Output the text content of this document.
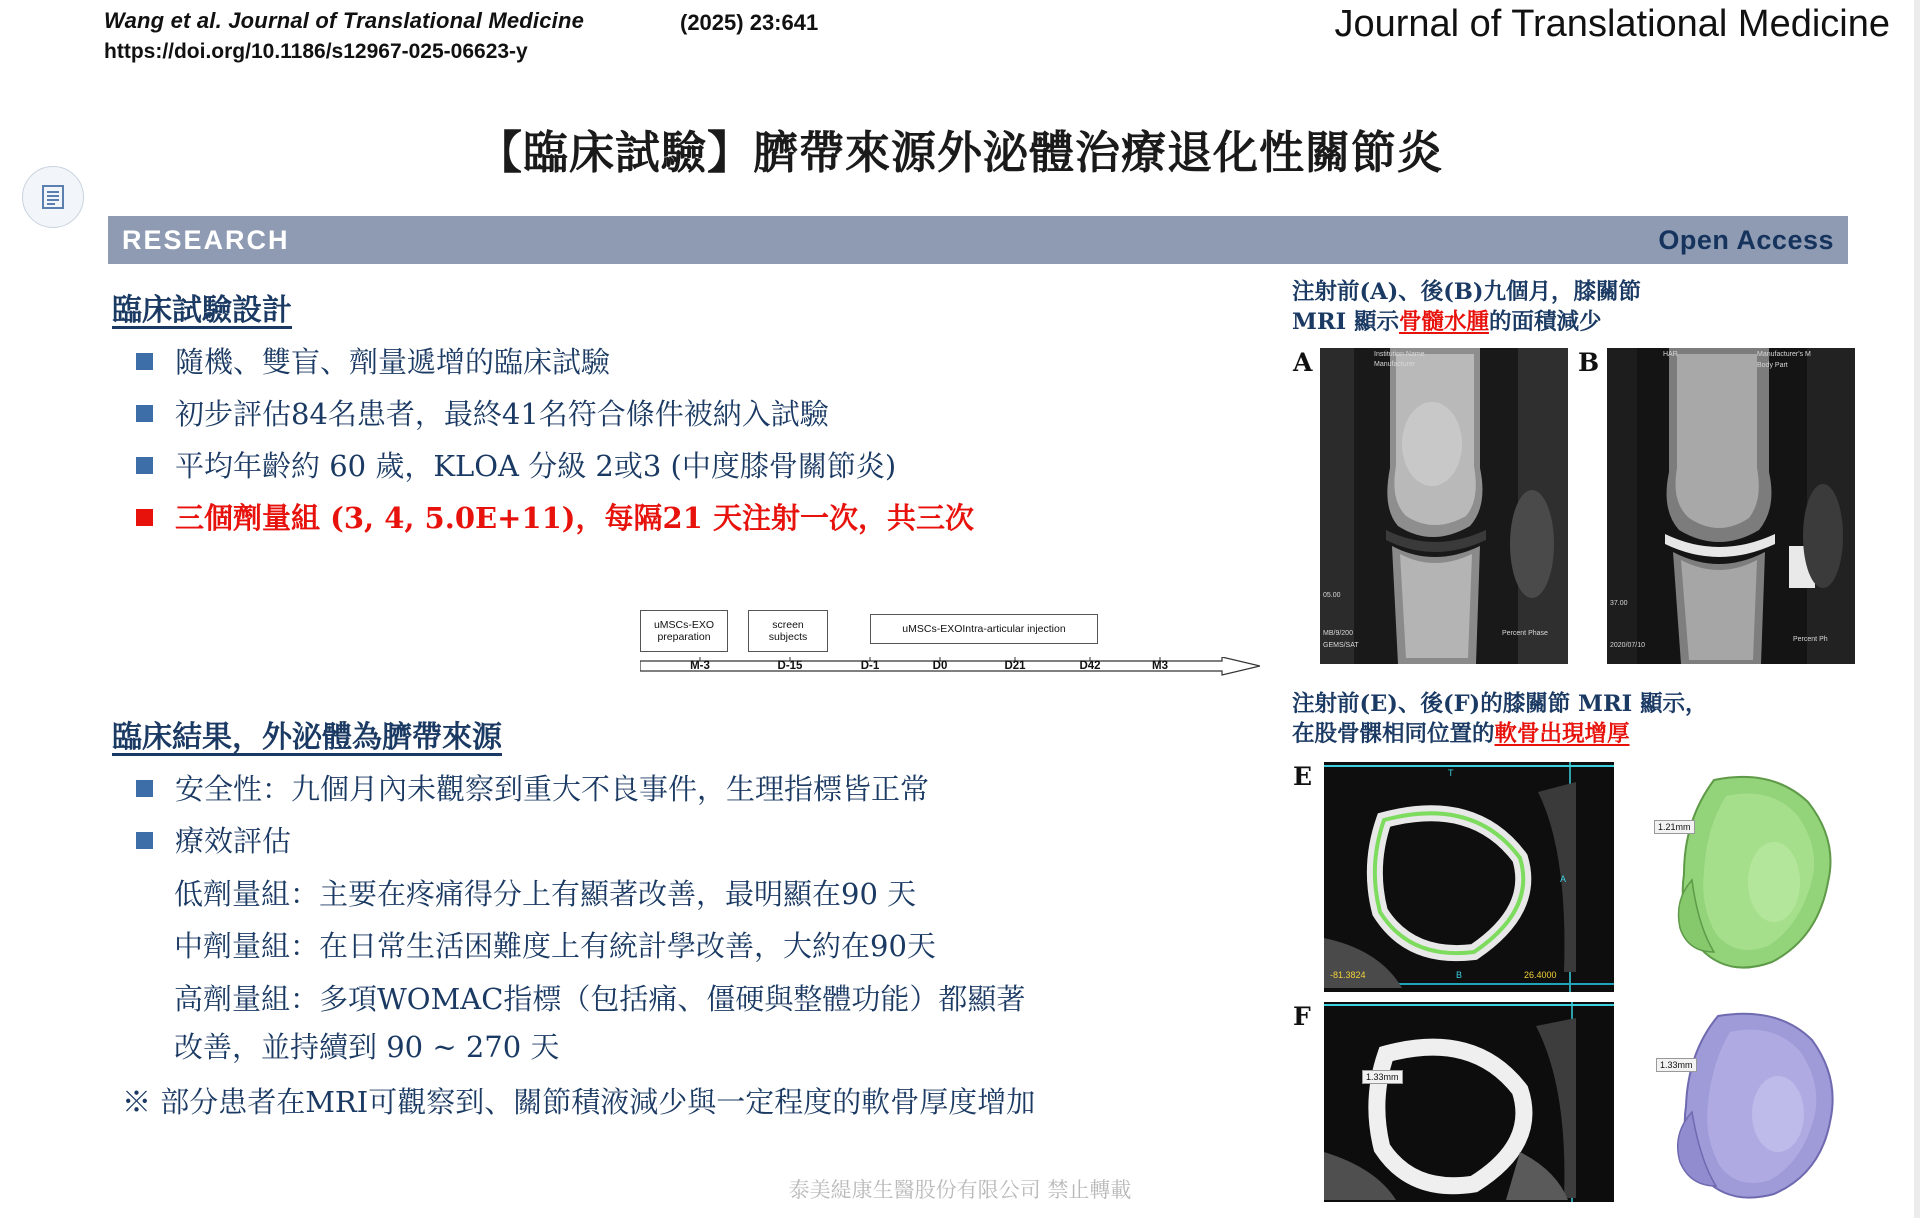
Wang et al. Journal of Translational Medicine
https://doi.org/10.1186/s12967-025-06623-y
(2025) 23:641	Journal of Translational Medicine
【臨床試驗】臍帶來源外泌體治療退化性關節炎
RESEARCH	Open Access
臨床試驗設計
隨機、雙盲、劑量遞增的臨床試驗
初步評估84名患者，最終41名符合條件被納入試驗
平均年齡約 60 歲，KLOA 分級 2或3 (中度膝骨關節炎)
三個劑量組 (3, 4, 5.0E+11)，每隔21 天注射一次，共三次
uMSCs-EXO preparation
screen subjects
uMSCs-EXOIntra-articular injection
M-3	D-15	D-1	D0	D21	D42	M3
臨床結果，外泌體為臍帶來源
安全性：九個月內未觀察到重大不良事件，生理指標皆正常
療效評估
低劑量組：主要在疼痛得分上有顯著改善，最明顯在90 天
中劑量組：在日常生活困難度上有統計學改善，大約在90天
高劑量組：多項WOMAC指標（包括痛、僵硬與整體功能）都顯著
改善，並持續到 90 ~ 270 天
※ 部分患者在MRI可觀察到、關節積液減少與一定程度的軟骨厚度增加
注射前(A)、後(B)九個月，膝關節
MRI 顯示骨髓水腫的面積減少
A	B
Institution Name
Manufacturer
05.00
MB/9/200
GEMS/SAT
Percent Phase
HAR	Manufacturer's M
Body Part
37.00
2020/07/10
Percent Ph
注射前(E)、後(F)的膝關節 MRI 顯示，
在股骨髁相同位置的軟骨出現增厚
E
-81.3824	26.4000
B
T
A
1.21mm
F
1.33mm
1.33mm
泰美緹康生醫股份有限公司 禁止轉載
